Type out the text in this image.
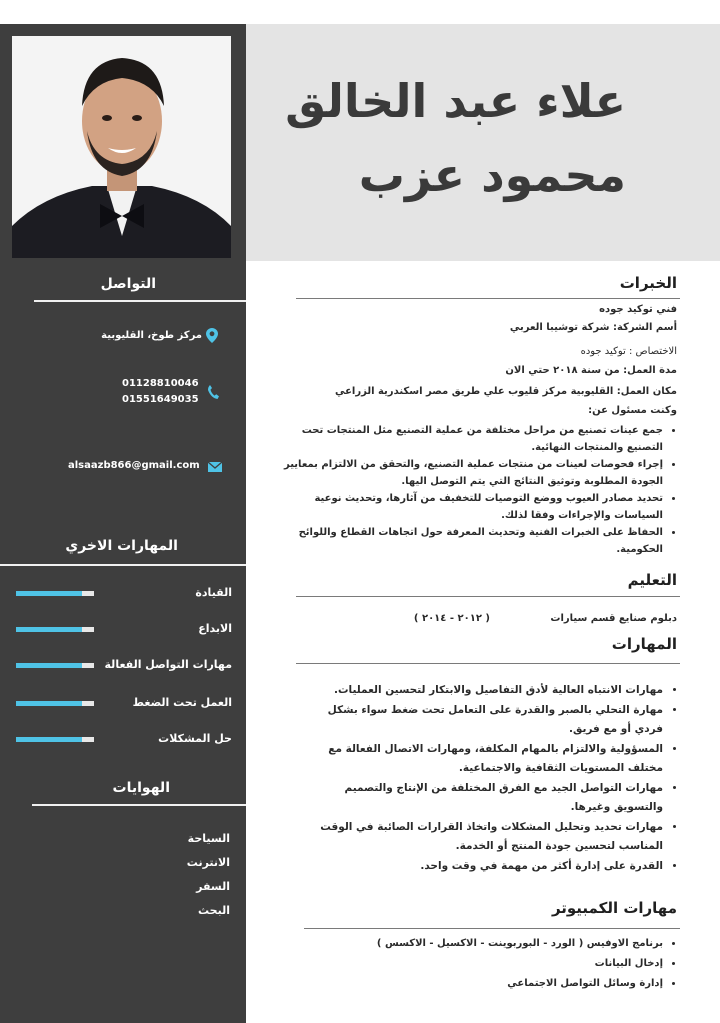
علاء عبد الخالق
محمود عزب
التواصل
مركز طوخ، القليوبية
01128810046
01551649035
alsaazb866@gmail.com
المهارات الاخري
القيادة
الابداع
مهارات التواصل الفعالة
العمل تحت الضغط
حل المشكلات
الهوايات
السياحة
الانترنت
السفر
البحث
الخبرات
فني توكيد جوده
أسم الشركة: شركة توشيبا العربي
الاختصاص : توكيد جوده
مدة العمل: من سنة ٢٠١٨ حتي الان
مكان العمل: القليوبية مركز قليوب علي طريق مصر اسكندرية الزراعي
وكنت مسئول عن:
• جمع عينات تصنيع من مراحل مختلفة من عملية التصنيع مثل المنتجات تحت التصنيع والمنتجات النهائية.
• إجراء فحوصات لعينات من منتجات عملية التصنيع، والتحقق من الالتزام بمعايير الجودة المطلوبة وتوثيق النتائج التي يتم التوصل اليها.
• تحديد مصادر العيوب ووضع التوصيات للتخفيف من آثارها، وتحديث نوعية السياسات والإجراءات وفقا لذلك.
• الحفاظ على الخبرات الفنية وتحديث المعرفة حول اتجاهات القطاع واللوائح الحكومية.
التعليم
دبلوم صنايع قسم سيارات
( ٢٠١٢ - ٢٠١٤ )
المهارات
• مهارات الانتباه العالية لأدق التفاصيل والابتكار لتحسين العمليات.
• مهارة التحلي بالصبر والقدرة على التعامل تحت ضغط سواء بشكل فردي أو مع فريق.
• المسؤولية والالتزام بالمهام المكلفة، ومهارات الاتصال الفعالة مع مختلف المستويات الثقافية والاجتماعية.
• مهارات التواصل الجيد مع الفرق المختلفة من الإنتاج والتصميم والتسويق وغيرها.
• مهارات تحديد وتحليل المشكلات واتخاذ القرارات الصائبة في الوقت المناسب لتحسين جودة المنتج أو الخدمة.
• القدرة على إدارة أكثر من مهمة في وقت واحد.
مهارات الكمبيوتر
• برنامج الاوفيس ( الورد - البوربوينت - الاكسيل - الاكسس )
• إدخال البيانات
• إدارة وسائل التواصل الاجتماعي
